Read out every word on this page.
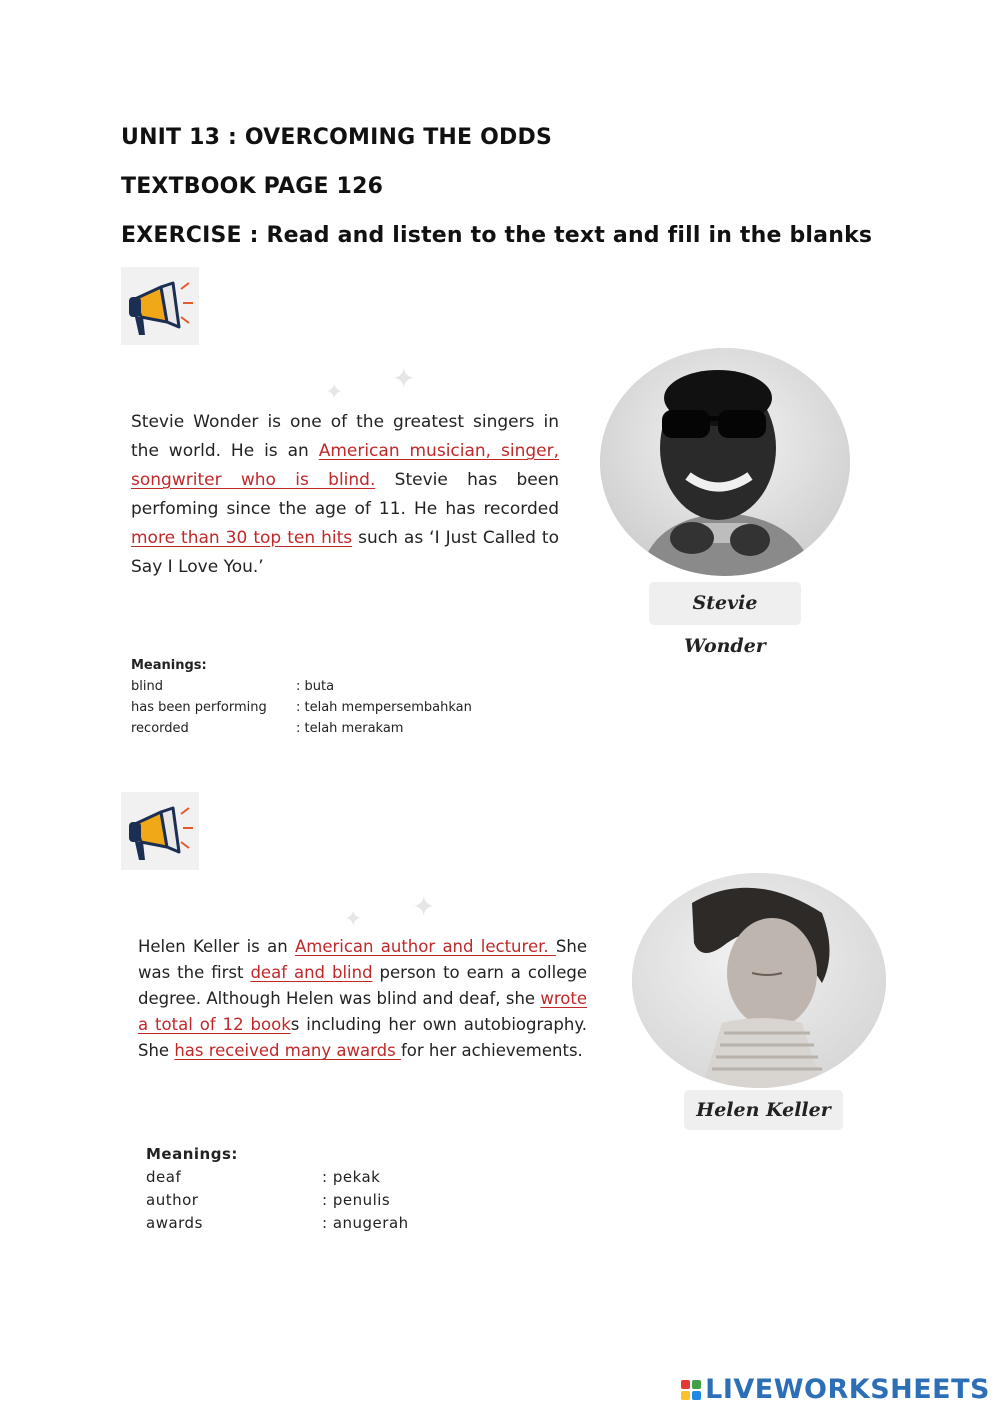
UNIT 13 : OVERCOMING THE ODDS
TEXTBOOK PAGE 126
EXERCISE : Read and listen to the text and fill in the blanks
✦ ✦
Stevie Wonder is one of the greatest singers in the world. He is an American musician, singer, songwriter who is blind. Stevie has been perfoming since the age of 11. He has recorded more than 30 top ten hits such as ‘I Just Called to Say I Love You.’
Stevie Wonder
Meanings:
blind	: buta
has been performing	: telah mempersembahkan
recorded	: telah merakam
✦ ✦
Helen Keller is an American author and lecturer. She was the first deaf and blind person to earn a college degree. Although Helen was blind and deaf, she wrote a total of 12 books including her own autobiography. She has received many awards for her achievements.
Helen Keller
Meanings:
deaf	: pekak
author	: penulis
awards	: anugerah
LIVEWORKSHEETS
